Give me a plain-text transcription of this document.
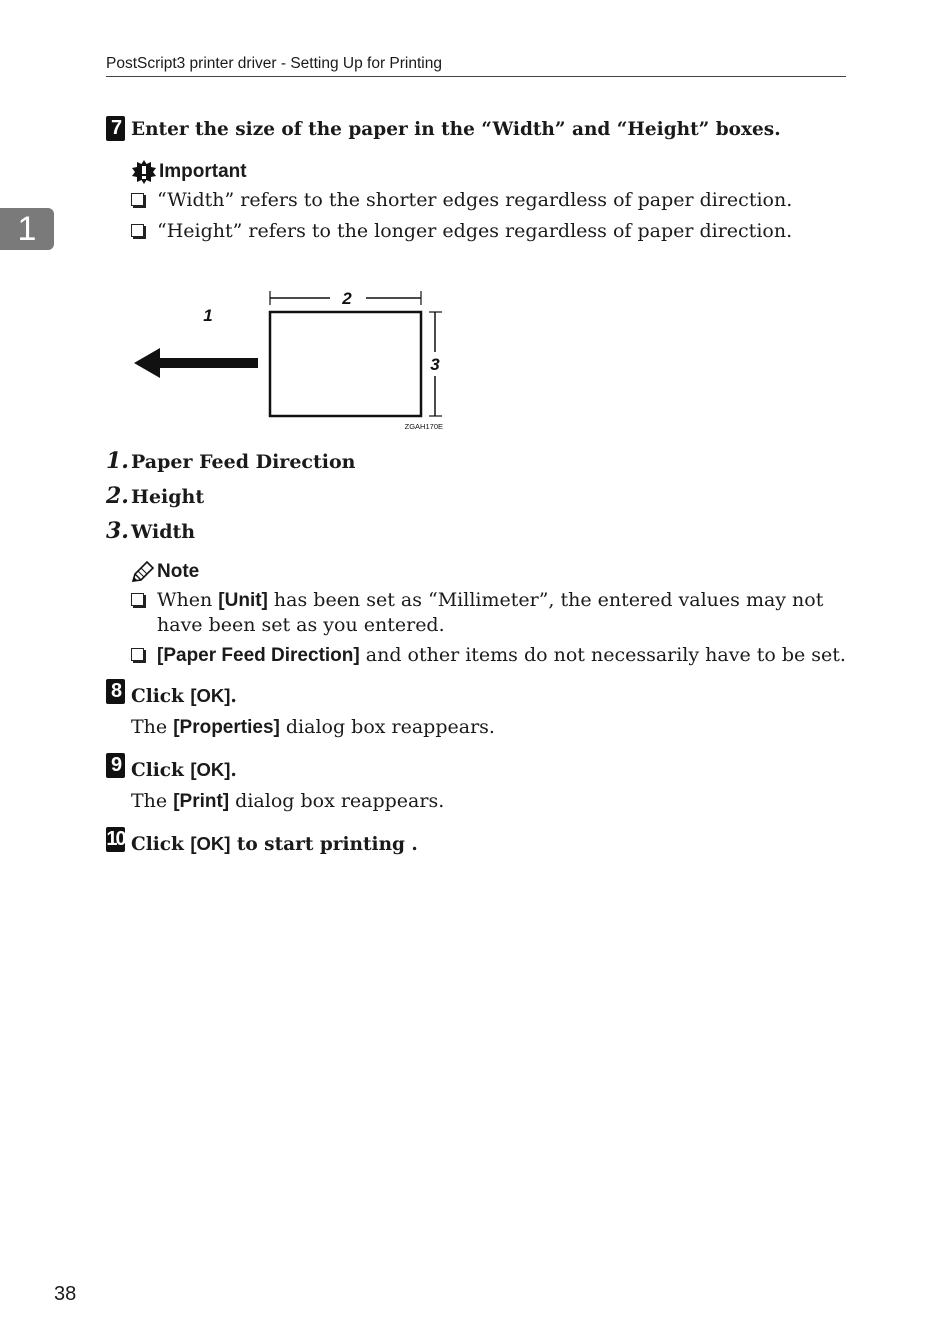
PostScript3 printer driver - Setting Up for Printing
1
7 Enter the size of the paper in the “Width” and “Height” boxes.
Important
“Width” refers to the shorter edges regardless of paper direction.
“Height” refers to the longer edges regardless of paper direction.
2
1
3
ZGAH170E
1. Paper Feed Direction
2. Height
3. Width
Note
When [Unit] has been set as “Millimeter”, the entered values may not have been set as you entered.
[Paper Feed Direction] and other items do not necessarily have to be set.
8 Click [OK].
The [Properties] dialog box reappears.
9 Click [OK].
The [Print] dialog box reappears.
10 Click [OK] to start printing .
38
